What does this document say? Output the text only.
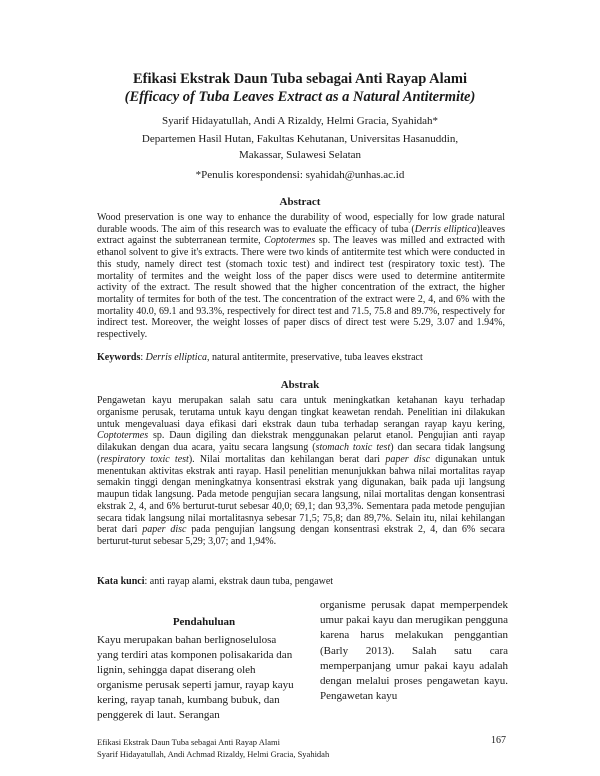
Efikasi Ekstrak Daun Tuba sebagai Anti Rayap Alami
(Efficacy of Tuba Leaves Extract as a Natural Antitermite)
Syarif Hidayatullah, Andi A Rizaldy, Helmi Gracia, Syahidah*
Departemen Hasil Hutan, Fakultas Kehutanan, Universitas Hasanuddin, Makassar, Sulawesi Selatan
*Penulis korespondensi: syahidah@unhas.ac.id
Abstract
Wood preservation is one way to enhance the durability of wood, especially for low grade natural durable woods. The aim of this research was to evaluate the efficacy of tuba (Derris elliptica)leaves extract against the subterranean termite, Coptotermes sp. The leaves was milled and extracted with ethanol solvent to give it's extracts. There were two kinds of antitermite test which were conducted in this study, namely direct test (stomach toxic test) and indirect test (respiratory toxic test). The mortality of termites and the weight loss of the paper discs were used to determine antitermite activity of the extract. The result showed that the higher concentration of the extract, the higher mortality of termites for both of the test. The concentration of the extract were 2, 4, and 6% with the mortality 40.0, 69.1 and 93.3%, respectively for direct test and 71.5, 75.8 and 89.7%, respectively for indirect test. Moreover, the weight losses of paper discs of direct test were 5.29, 3.07 and 1.94%, respectively.
Keywords: Derris elliptica, natural antitermite, preservative, tuba leaves ekstract
Abstrak
Pengawetan kayu merupakan salah satu cara untuk meningkatkan ketahanan kayu terhadap organisme perusak, terutama untuk kayu dengan tingkat keawetan rendah. Penelitian ini dilakukan untuk mengevaluasi daya efikasi dari ekstrak daun tuba terhadap serangan rayap kayu kering, Coptotermes sp. Daun digiling dan diekstrak menggunakan pelarut etanol. Pengujian anti rayap dilakukan dengan dua acara, yaitu secara langsung (stomach toxic test) dan secara tidak langsung (respiratory toxic test). Nilai mortalitas dan kehilangan berat dari paper disc digunakan untuk menentukan aktivitas ekstrak anti rayap. Hasil penelitian menunjukkan bahwa nilai mortalitas rayap semakin tinggi dengan meningkatnya konsentrasi ekstrak yang digunakan, baik pada uji langsung maupun tidak langsung. Pada metode pengujian secara langsung, nilai mortalitas dengan konsentrasi ekstrak 2, 4, and 6% berturut-turut sebesar 40,0; 69,1; dan 93,3%. Sementara pada metode pengujian secara tidak langsung nilai mortalitasnya sebesar 71,5; 75,8; dan 89,7%. Selain itu, nilai kehilangan berat dari paper disc pada pengujian langsung dengan konsentrasi ekstrak 2, 4, dan 6% secara berturut-turut sebesar 5,29; 3,07; and 1,94%.
Kata kunci: anti rayap alami, ekstrak daun tuba, pengawet

Pendahuluan

Kayu merupakan bahan berlignoselulosa yang terdiri atas komponen polisakarida dan lignin, sehingga dapat diserang oleh organisme perusak seperti jamur, rayap kayu kering, rayap tanah, kumbang bubuk, dan penggerek di laut. Serangan

organisme perusak dapat memperpendek umur pakai kayu dan merugikan pengguna karena harus melakukan penggantian (Barly 2013). Salah satu cara memperpanjang umur pakai kayu adalah dengan melalui proses pengawetan kayu. Pengawetan kayu

Efikasi Ekstrak Daun Tuba sebagai Anti Rayap Alami
Syarif Hidayatullah, Andi Achmad Rizaldy, Helmi Gracia, Syahidah
167
